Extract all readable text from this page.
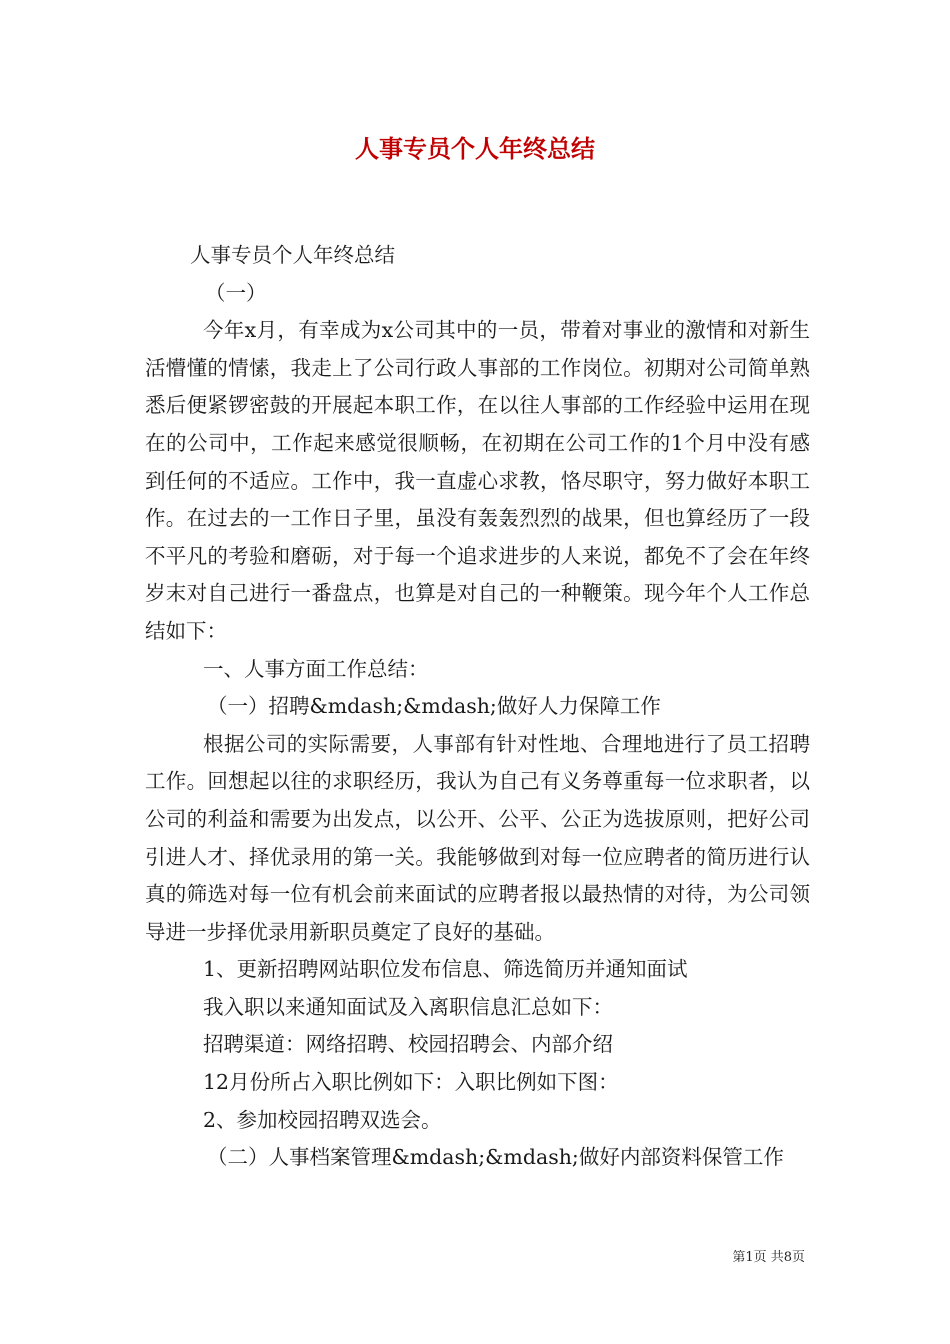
人事专员个人年终总结

人事专员个人年终总结

（一）

今年x月，有幸成为x公司其中的一员，带着对事业的激情和对新生活懵懂的情愫，我走上了公司行政人事部的工作岗位。初期对公司简单熟悉后便紧锣密鼓的开展起本职工作，在以往人事部的工作经验中运用在现在的公司中，工作起来感觉很顺畅，在初期在公司工作的1个月中没有感到任何的不适应。工作中，我一直虚心求教，恪尽职守，努力做好本职工作。在过去的一工作日子里，虽没有轰轰烈烈的战果，但也算经历了一段不平凡的考验和磨砺，对于每一个追求进步的人来说，都免不了会在年终岁末对自己进行一番盘点，也算是对自己的一种鞭策。现今年个人工作总结如下：

一、人事方面工作总结：

（一）招聘&mdash;&mdash;做好人力保障工作

根据公司的实际需要，人事部有针对性地、合理地进行了员工招聘工作。回想起以往的求职经历，我认为自己有义务尊重每一位求职者，以公司的利益和需要为出发点，以公开、公平、公正为选拔原则，把好公司引进人才、择优录用的第一关。我能够做到对每一位应聘者的简历进行认真的筛选对每一位有机会前来面试的应聘者报以最热情的对待，为公司领导进一步择优录用新职员奠定了良好的基础。

1、更新招聘网站职位发布信息、筛选简历并通知面试

我入职以来通知面试及入离职信息汇总如下：

招聘渠道：网络招聘、校园招聘会、内部介绍

12月份所占入职比例如下：入职比例如下图：

2、参加校园招聘双选会。

（二）人事档案管理&mdash;&mdash;做好内部资料保管工作

第1页 共8页
